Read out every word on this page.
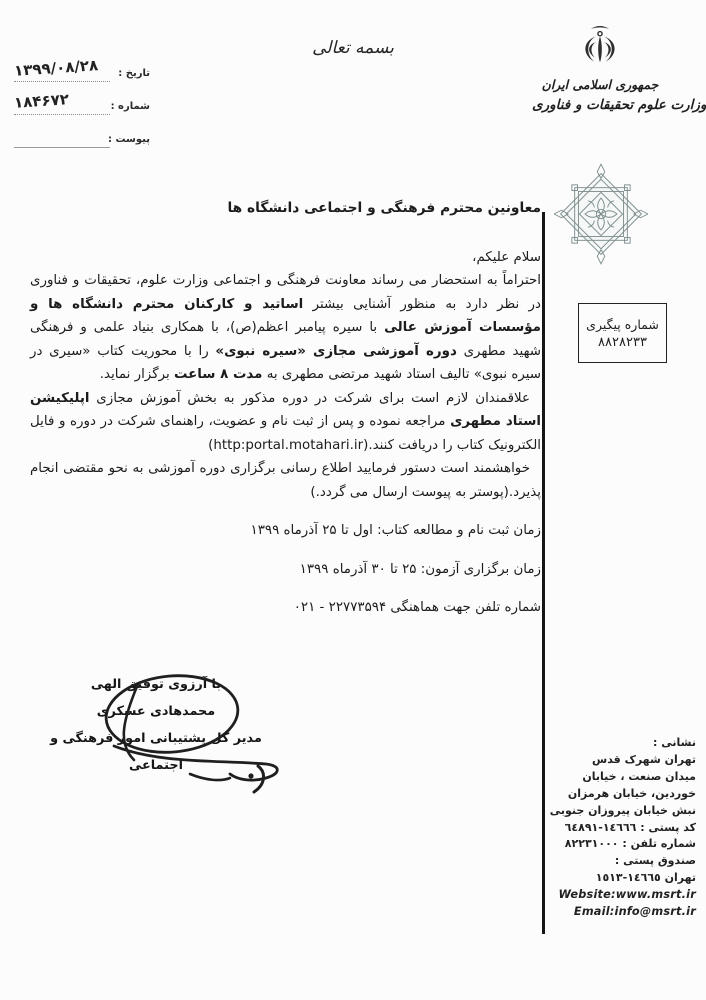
۱۳۹۹/۰۸/۲۸ تاریخ :
۱۸۴۶۷۲	شماره :
پیوست :
بسمه تعالی
جمهوری اسلامی ایران
وزارت علوم تحقیقات و فناوری
شماره پیگیری
۸۸۲۸۲۳۳
معاونین محترم فرهنگی و اجتماعی دانشگاه ها
سلام علیکم،

احتراماً به استحضار می رساند معاونت فرهنگی و اجتماعی وزارت علوم، تحقیقات و فناوری در نظر دارد به منظور آشنایی بیشتر اساتید و کارکنان محترم دانشگاه ها و مؤسسات آموزش عالی با سیره پیامبر اعظم(ص)، با همکاری بنیاد علمی و فرهنگی شهید مطهری دوره آموزشی مجازی «سیره نبوی» را با محوریت کتاب «سیری در سیره نبوی» تالیف استاد شهید مرتضی مطهری به مدت ۸ ساعت برگزار نماید.

علاقمندان لازم است برای شرکت در دوره مذکور به بخش آموزش مجازی اپلیکیشن استاد مطهری مراجعه نموده و پس از ثبت نام و عضویت، راهنمای شرکت در دوره و فایل الکترونیک کتاب را دریافت کنند.(http:portal.motahari.ir)

خواهشمند است دستور فرمایید اطلاع رسانی برگزاری دوره آموزشی به نحو مقتضی انجام پذیرد.(پوستر به پیوست ارسال می گردد.)

زمان ثبت نام و مطالعه کتاب: اول تا ۲۵ آذرماه ۱۳۹۹
زمان برگزاری آزمون: ۲۵ تا ۳۰ آذرماه ۱۳۹۹
شماره تلفن جهت هماهنگی ۲۲۷۷۳۵۹۴ - ۰۲۱
با آرزوی توفیق الهی
محمدهادی عسکری
مدیر کل پشتیبانی امور فرهنگی و اجتماعی
نشانی :
تهران شهرک قدس
میدان صنعت ، خیابان
خوردین، خیابان هرمزان
نبش خیابان پیروزان جنوبی
کد پستی : ١٤٦٦٦-٦٤٨٩١
شماره تلفن : ٨٢٢٣١٠٠٠
صندوق پستی :
تهران ١٤٦٦٥-١٥١٣
Website:www.msrt.ir
Email:info@msrt.ir
